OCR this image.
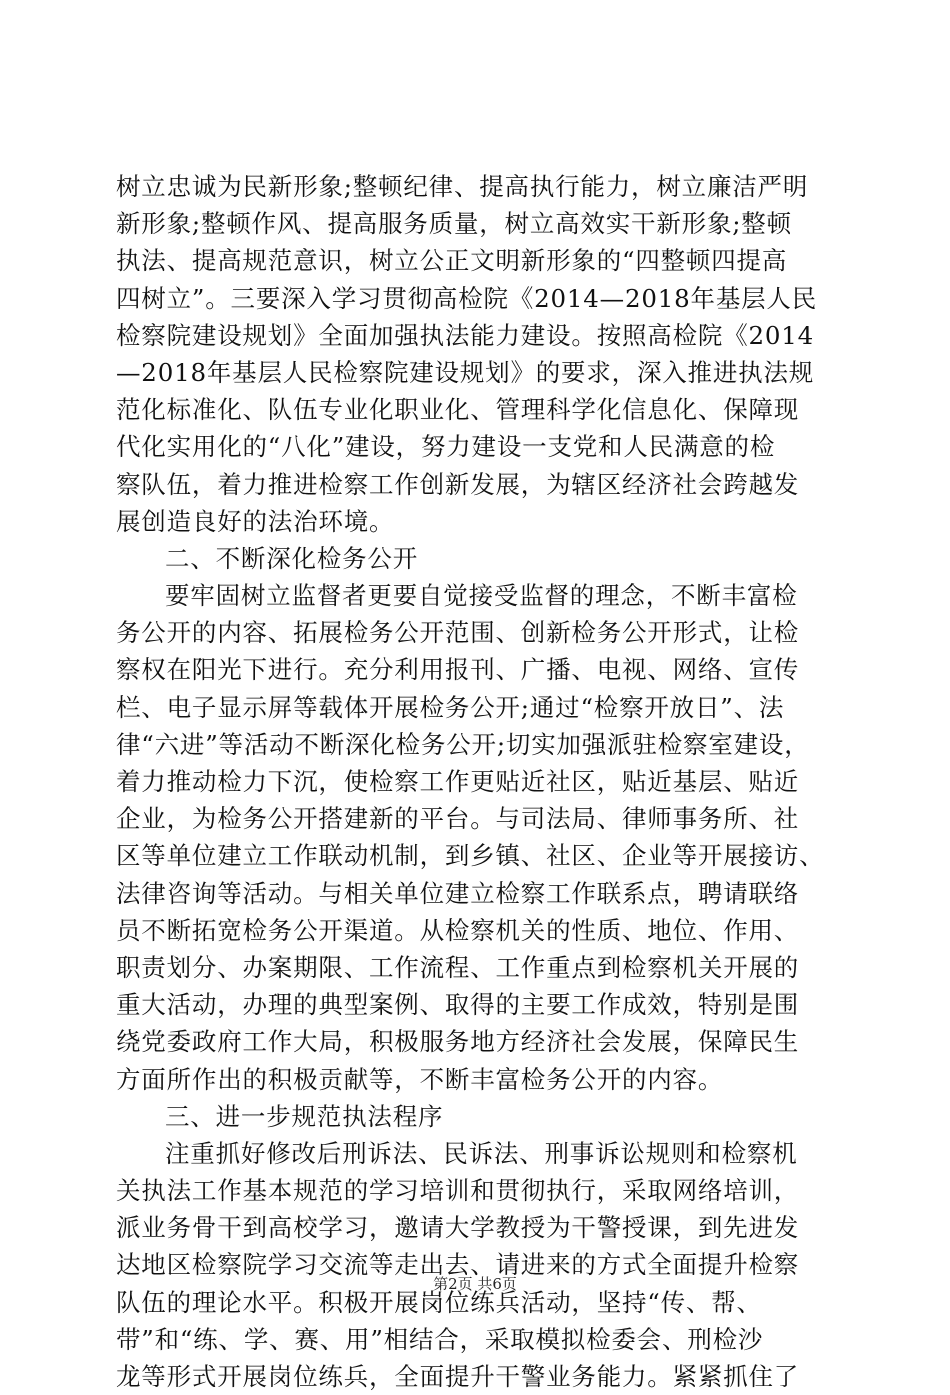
树立忠诚为民新形象;整顿纪律、提高执行能力，树立廉洁严明
新形象;整顿作风、提高服务质量，树立高效实干新形象;整顿
执法、提高规范意识，树立公正文明新形象的“四整顿四提高
四树立”。三要深入学习贯彻高检院《2014—2018年基层人民
检察院建设规划》全面加强执法能力建设。按照高检院《2014
—2018年基层人民检察院建设规划》的要求，深入推进执法规
范化标准化、队伍专业化职业化、管理科学化信息化、保障现
代化实用化的“八化”建设，努力建设一支党和人民满意的检
察队伍，着力推进检察工作创新发展，为辖区经济社会跨越发
展创造良好的法治环境。
二、不断深化检务公开
要牢固树立监督者更要自觉接受监督的理念，不断丰富检
务公开的内容、拓展检务公开范围、创新检务公开形式，让检
察权在阳光下进行。充分利用报刊、广播、电视、网络、宣传
栏、电子显示屏等载体开展检务公开;通过“检察开放日”、法
律“六进”等活动不断深化检务公开;切实加强派驻检察室建设，
着力推动检力下沉，使检察工作更贴近社区，贴近基层、贴近
企业，为检务公开搭建新的平台。与司法局、律师事务所、社
区等单位建立工作联动机制，到乡镇、社区、企业等开展接访、
法律咨询等活动。与相关单位建立检察工作联系点，聘请联络
员不断拓宽检务公开渠道。从检察机关的性质、地位、作用、
职责划分、办案期限、工作流程、工作重点到检察机关开展的
重大活动，办理的典型案例、取得的主要工作成效，特别是围
绕党委政府工作大局，积极服务地方经济社会发展，保障民生
方面所作出的积极贡献等，不断丰富检务公开的内容。
三、进一步规范执法程序
注重抓好修改后刑诉法、民诉法、刑事诉讼规则和检察机
关执法工作基本规范的学习培训和贯彻执行，采取网络培训，
派业务骨干到高校学习，邀请大学教授为干警授课，到先进发
达地区检察院学习交流等走出去、请进来的方式全面提升检察
队伍的理论水平。积极开展岗位练兵活动，坚持“传、帮、
带”和“练、学、赛、用”相结合，采取模拟检委会、刑检沙
龙等形式开展岗位练兵，全面提升干警业务能力。紧紧抓住了
第2页 共6页
